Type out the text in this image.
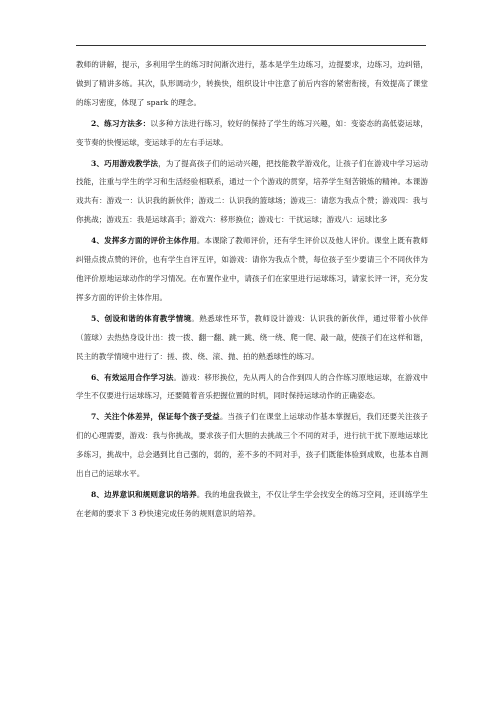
教师的讲解，提示，多利用学生的练习时间渐次进行，基本是学生边练习，边提要求，边练习，边纠错，做到了精讲多练。其次，队形调动少，转换快，组织设计中注意了前后内容的紧密衔接，有效提高了课堂的练习密度，体现了 spark 的理念。

2、练习方法多：以多种方法进行练习，较好的保持了学生的练习兴趣，如：变姿态的高低姿运球，变节奏的快慢运球，变运球手的左右手运球。

3、巧用游戏教学法，为了提高孩子们的运动兴趣，把技能教学游戏化，让孩子们在游戏中学习运动技能，注重与学生的学习和生活经验相联系，通过一个个游戏的贯穿，培养学生刻苦锻炼的精神。本课游戏共有：游戏一：认识我的新伙伴；游戏二：认识我的篮球场；游戏三：请您为我点个赞；游戏四：我与你挑战；游戏五：我是运球高手；游戏六：移形换位；游戏七：干扰运球；游戏八：运球比多

4、发挥多方面的评价主体作用。本课除了教师评价，还有学生评价以及他人评价。课堂上既有教师纠错点拨点赞的评价，也有学生自评互评，如游戏：请你为我点个赞，每位孩子至少要请三个不同伙伴为他评价原地运球动作的学习情况。在布置作业中，请孩子们在家里进行运球练习，请家长评一评，充分发挥多方面的评价主体作用。

5、创设和谐的体育教学情境。熟悉球性环节，教师设计游戏：认识我的新伙伴，通过带着小伙伴（篮球）去热热身设计出：拨一拨、翻一翻、跳一跳、绕一绕、爬一爬、敲一敲，使孩子们在这样和谐，民主的教学情境中进行了：搓、拨、绕、滚、抛、拍的熟悉球性的练习。

6、有效运用合作学习法。游戏：移形换位，先从两人的合作到四人的合作练习原地运球，在游戏中学生不仅要进行运球练习，还要随着音乐把握位置的时机，同时保持运球动作的正确姿态。

7、关注个体差异，保证每个孩子受益。当孩子们在课堂上运球动作基本掌握后，我们还要关注孩子们的心理需要，游戏：我与你挑战，要求孩子们大胆的去挑战三个不同的对手，进行抗干扰下原地运球比多练习，挑战中，总会遇到比自己强的，弱的，差不多的不同对手，孩子们既能体验到成败，也基本自测出自己的运球水平。

8、边界意识和规则意识的培养。我的地盘我做主，不仅让学生学会找安全的练习空间，还训练学生在老师的要求下 3 秒快速完成任务的规则意识的培养。
